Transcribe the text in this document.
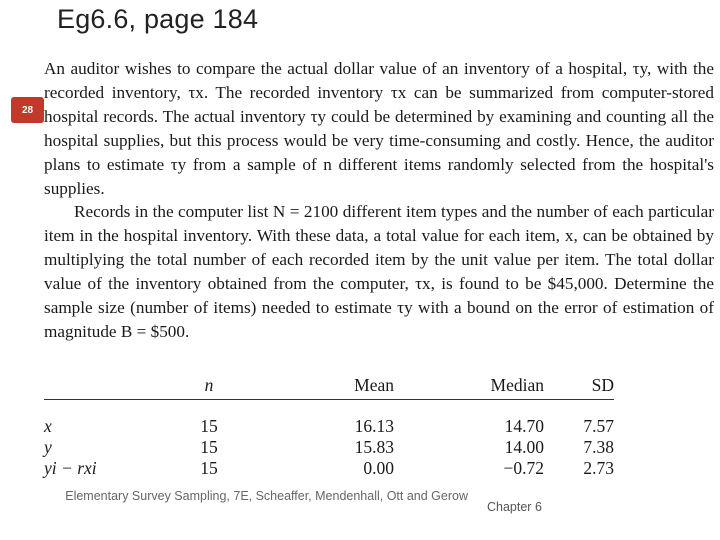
Eg6.6, page 184
28

An auditor wishes to compare the actual dollar value of an inventory of a hospital, τy, with the recorded inventory, τx. The recorded inventory τx can be summarized from computer-stored hospital records. The actual inventory τy could be determined by examining and counting all the hospital supplies, but this process would be very time-consuming and costly. Hence, the auditor plans to estimate τy from a sample of n different items randomly selected from the hospital's supplies.

Records in the computer list N = 2100 different item types and the number of each particular item in the hospital inventory. With these data, a total value for each item, x, can be obtained by multiplying the total number of each recorded item by the unit value per item. The total dollar value of the inventory obtained from the computer, τx, is found to be $45,000. Determine the sample size (number of items) needed to estimate τy with a bound on the error of estimation of magnitude B = $500.

	n	Mean	Median	SD
x	15	16.13	14.70	7.57
y	15	15.83	14.00	7.38
yi − rxi	15	0.00	−0.72	2.73
Elementary Survey Sampling, 7E, Scheaffer, Mendenhall, Ott and Gerow
Chapter 6
